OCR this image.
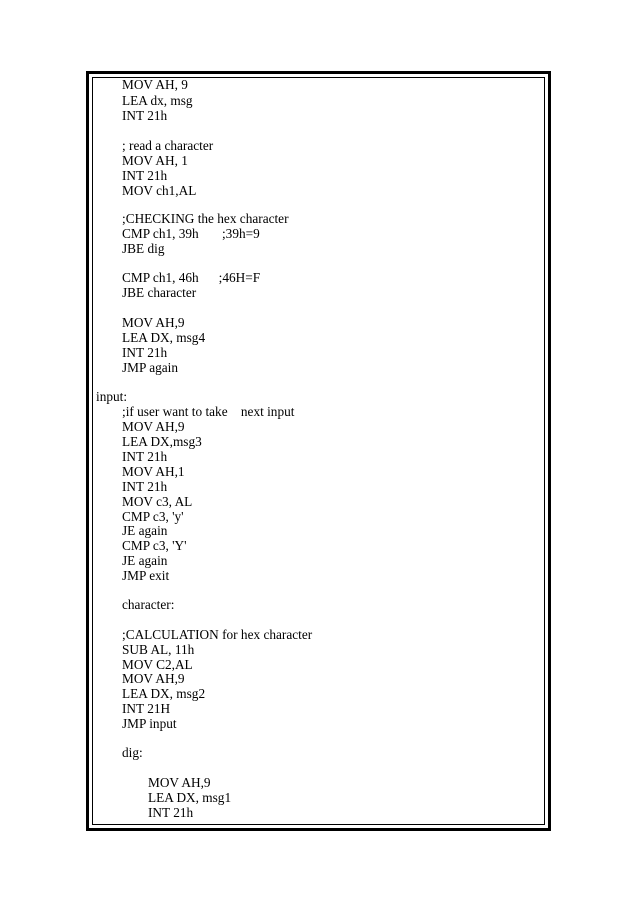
MOV AH, 9
LEA dx, msg
INT 21h
; read a character
MOV AH, 1
INT 21h
MOV ch1,AL
;CHECKING the hex character
CMP ch1, 39h       ;39h=9
JBE dig
CMP ch1, 46h      ;46H=F
JBE character
MOV AH,9
LEA DX, msg4
INT 21h
JMP again
input:
;if user want to take    next input
MOV AH,9
LEA DX,msg3
INT 21h
MOV AH,1
INT 21h
MOV c3, AL
CMP c3, 'y'
JE again
CMP c3, 'Y'
JE again
JMP exit
character:
;CALCULATION for hex character
SUB AL, 11h
MOV C2,AL
MOV AH,9
LEA DX, msg2
INT 21H
JMP input
dig:
MOV AH,9
LEA DX, msg1
INT 21h
